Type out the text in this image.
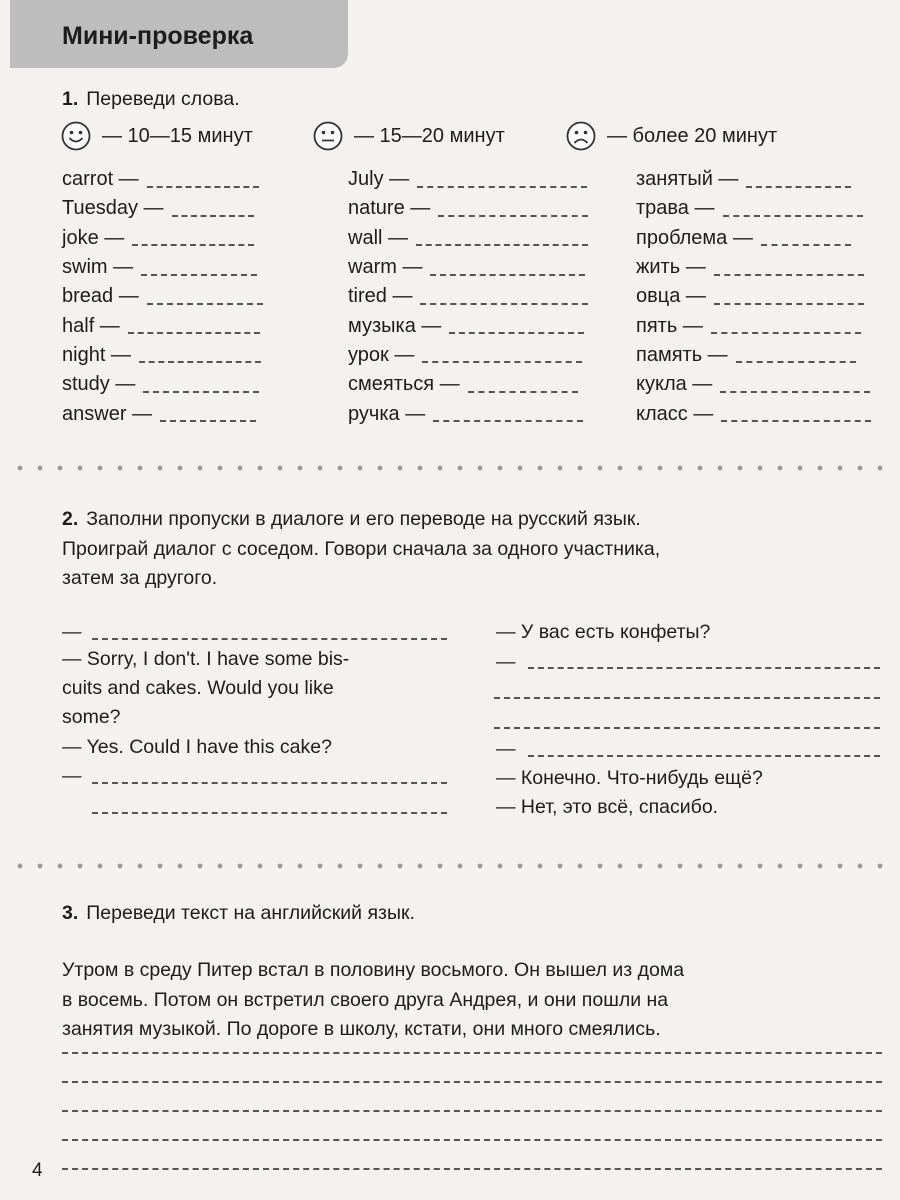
Мини-проверка
1. Переведи слова.
— 10—15 минут	— 15—20 минут	— более 20 минут
carrot —
Tuesday —
joke —
swim —
bread —
half —
night —
study —
answer —
July —
nature —
wall —
warm —
tired —
музыка —
урок —
смеяться —
ручка —
занятый —
трава —
проблема —
жить —
овца —
пять —
память —
кукла —
класс —
2. Заполни пропуски в диалоге и его переводе на русский язык.
Проиграй диалог с соседом. Говори сначала за одного участника,
затем за другого.
—
— Sorry, I don't. I have some bis-
cuits and cakes. Would you like
some?
— Yes. Could I have this cake?
—
— У вас есть конфеты?
—
—
— Конечно. Что-нибудь ещё?
— Нет, это всё, спасибо.
3. Переведи текст на английский язык.
Утром в среду Питер встал в половину восьмого. Он вышел из дома
в восемь. Потом он встретил своего друга Андрея, и они пошли на
занятия музыкой. По дороге в школу, кстати, они много смеялись.
4
